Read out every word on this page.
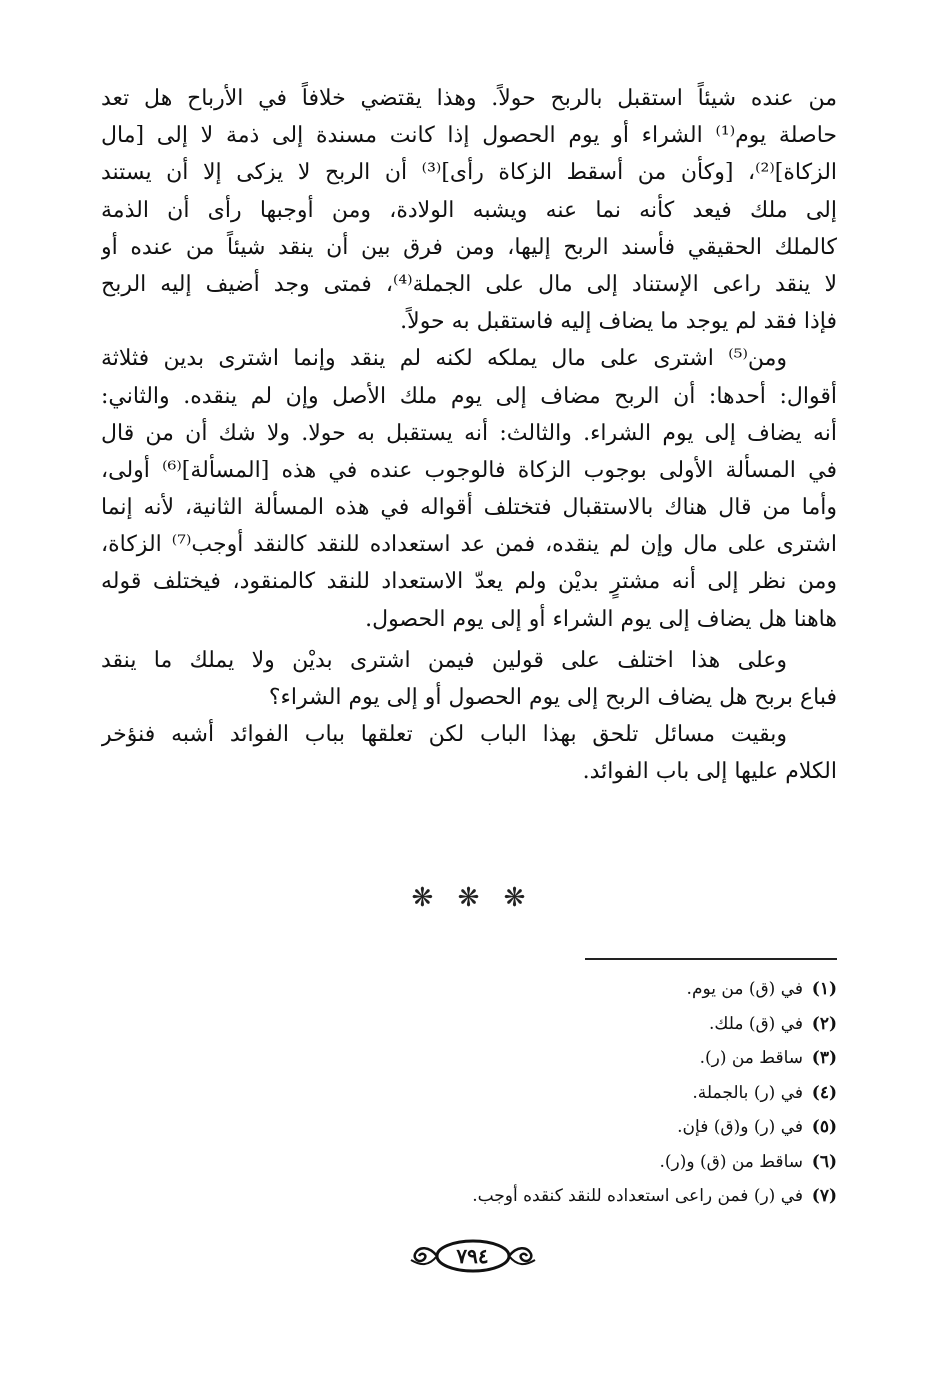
من عنده شيئاً استقبل بالربح حولاً. وهذا يقتضي خلافاً في الأرباح هل تعد
حاصلة يوم⁽¹⁾ الشراء أو يوم الحصول إذا كانت مسندة إلى ذمة لا إلى [مال
الزكاة]⁽²⁾، [وكأن من أسقط الزكاة رأى]⁽³⁾ أن الربح لا يزكى إلا أن يستند
إلى ملك فيعد كأنه نما عنه ويشبه الولادة، ومن أوجبها رأى أن الذمة
كالملك الحقيقي فأسند الربح إليها، ومن فرق بين أن ينقد شيئاً من عنده أو
لا ينقد راعى الإستناد إلى مال على الجملة⁽⁴⁾، فمتى وجد أضيف إليه الربح
فإذا فقد لم يوجد ما يضاف إليه فاستقبل به حولاً.
ومن⁽⁵⁾ اشترى على مال يملكه لكنه لم ينقد وإنما اشترى بدين فثلاثة
أقوال: أحدها: أن الربح مضاف إلى يوم ملك الأصل وإن لم ينقده. والثاني:
أنه يضاف إلى يوم الشراء. والثالث: أنه يستقبل به حولا. ولا شك أن من قال
في المسألة الأولى بوجوب الزكاة فالوجوب عنده في هذه [المسألة]⁽⁶⁾ أولى،
وأما من قال هناك بالاستقبال فتختلف أقواله في هذه المسألة الثانية، لأنه إنما
اشترى على مال وإن لم ينقده، فمن عد استعداده للنقد كالنقد أوجب⁽⁷⁾ الزكاة،
ومن نظر إلى أنه مشترٍ بديْن ولم يعدّ الاستعداد للنقد كالمنقود، فيختلف قوله
هاهنا هل يضاف إلى يوم الشراء أو إلى يوم الحصول.
وعلى هذا اختلف على قولين فيمن اشترى بديْن ولا يملك ما ينقد
فباع بربح هل يضاف الربح إلى يوم الحصول أو إلى يوم الشراء؟
وبقيت مسائل تلحق بهذا الباب لكن تعلقها بباب الفوائد أشبه فنؤخر
الكلام عليها إلى باب الفوائد.
❋ ❋ ❋
(١)في (ق) من يوم.
(٢)في (ق) ملك.
(٣)ساقط من (ر).
(٤)في (ر) بالجملة.
(٥)في (ر) و(ق) فإن.
(٦)ساقط من (ق) و(ر).
(٧)في (ر) فمن راعى استعداده للنقد كنقده أوجب.
٧٩٤
